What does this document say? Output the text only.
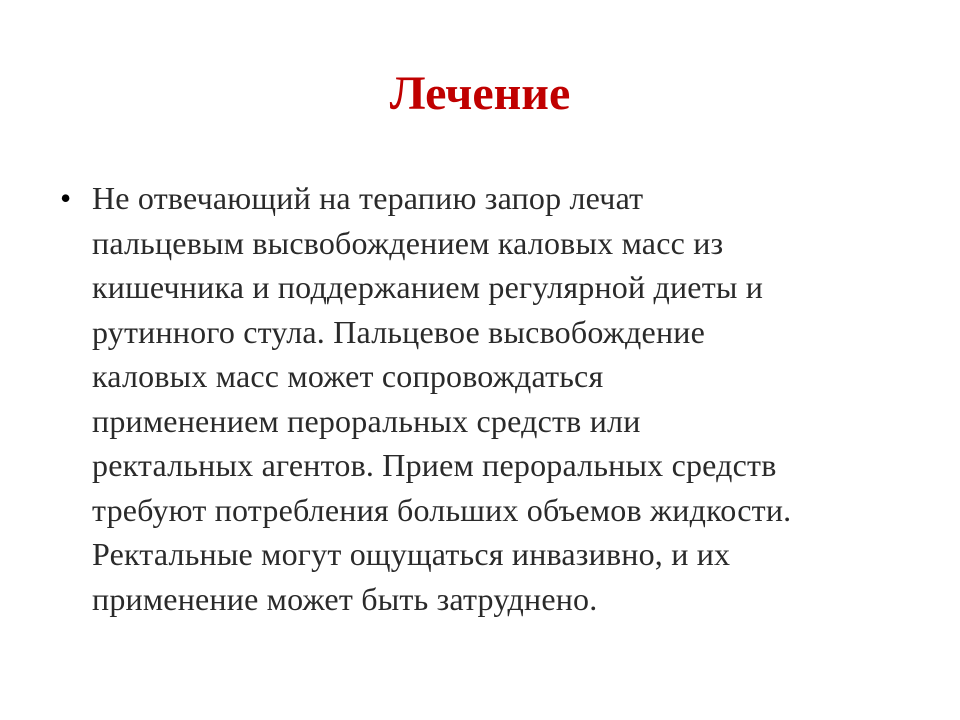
Лечение
• Не отвечающий на терапию запор лечат
пальцевым высвобождением каловых масс из
кишечника и поддержанием регулярной диеты и
рутинного стула. Пальцевое высвобождение
каловых масс может сопровождаться
применением пероральных средств или
ректальных агентов. Прием пероральных средств
требуют потребления больших объемов жидкости.
Ректальные могут ощущаться инвазивно, и их
применение может быть затруднено.
